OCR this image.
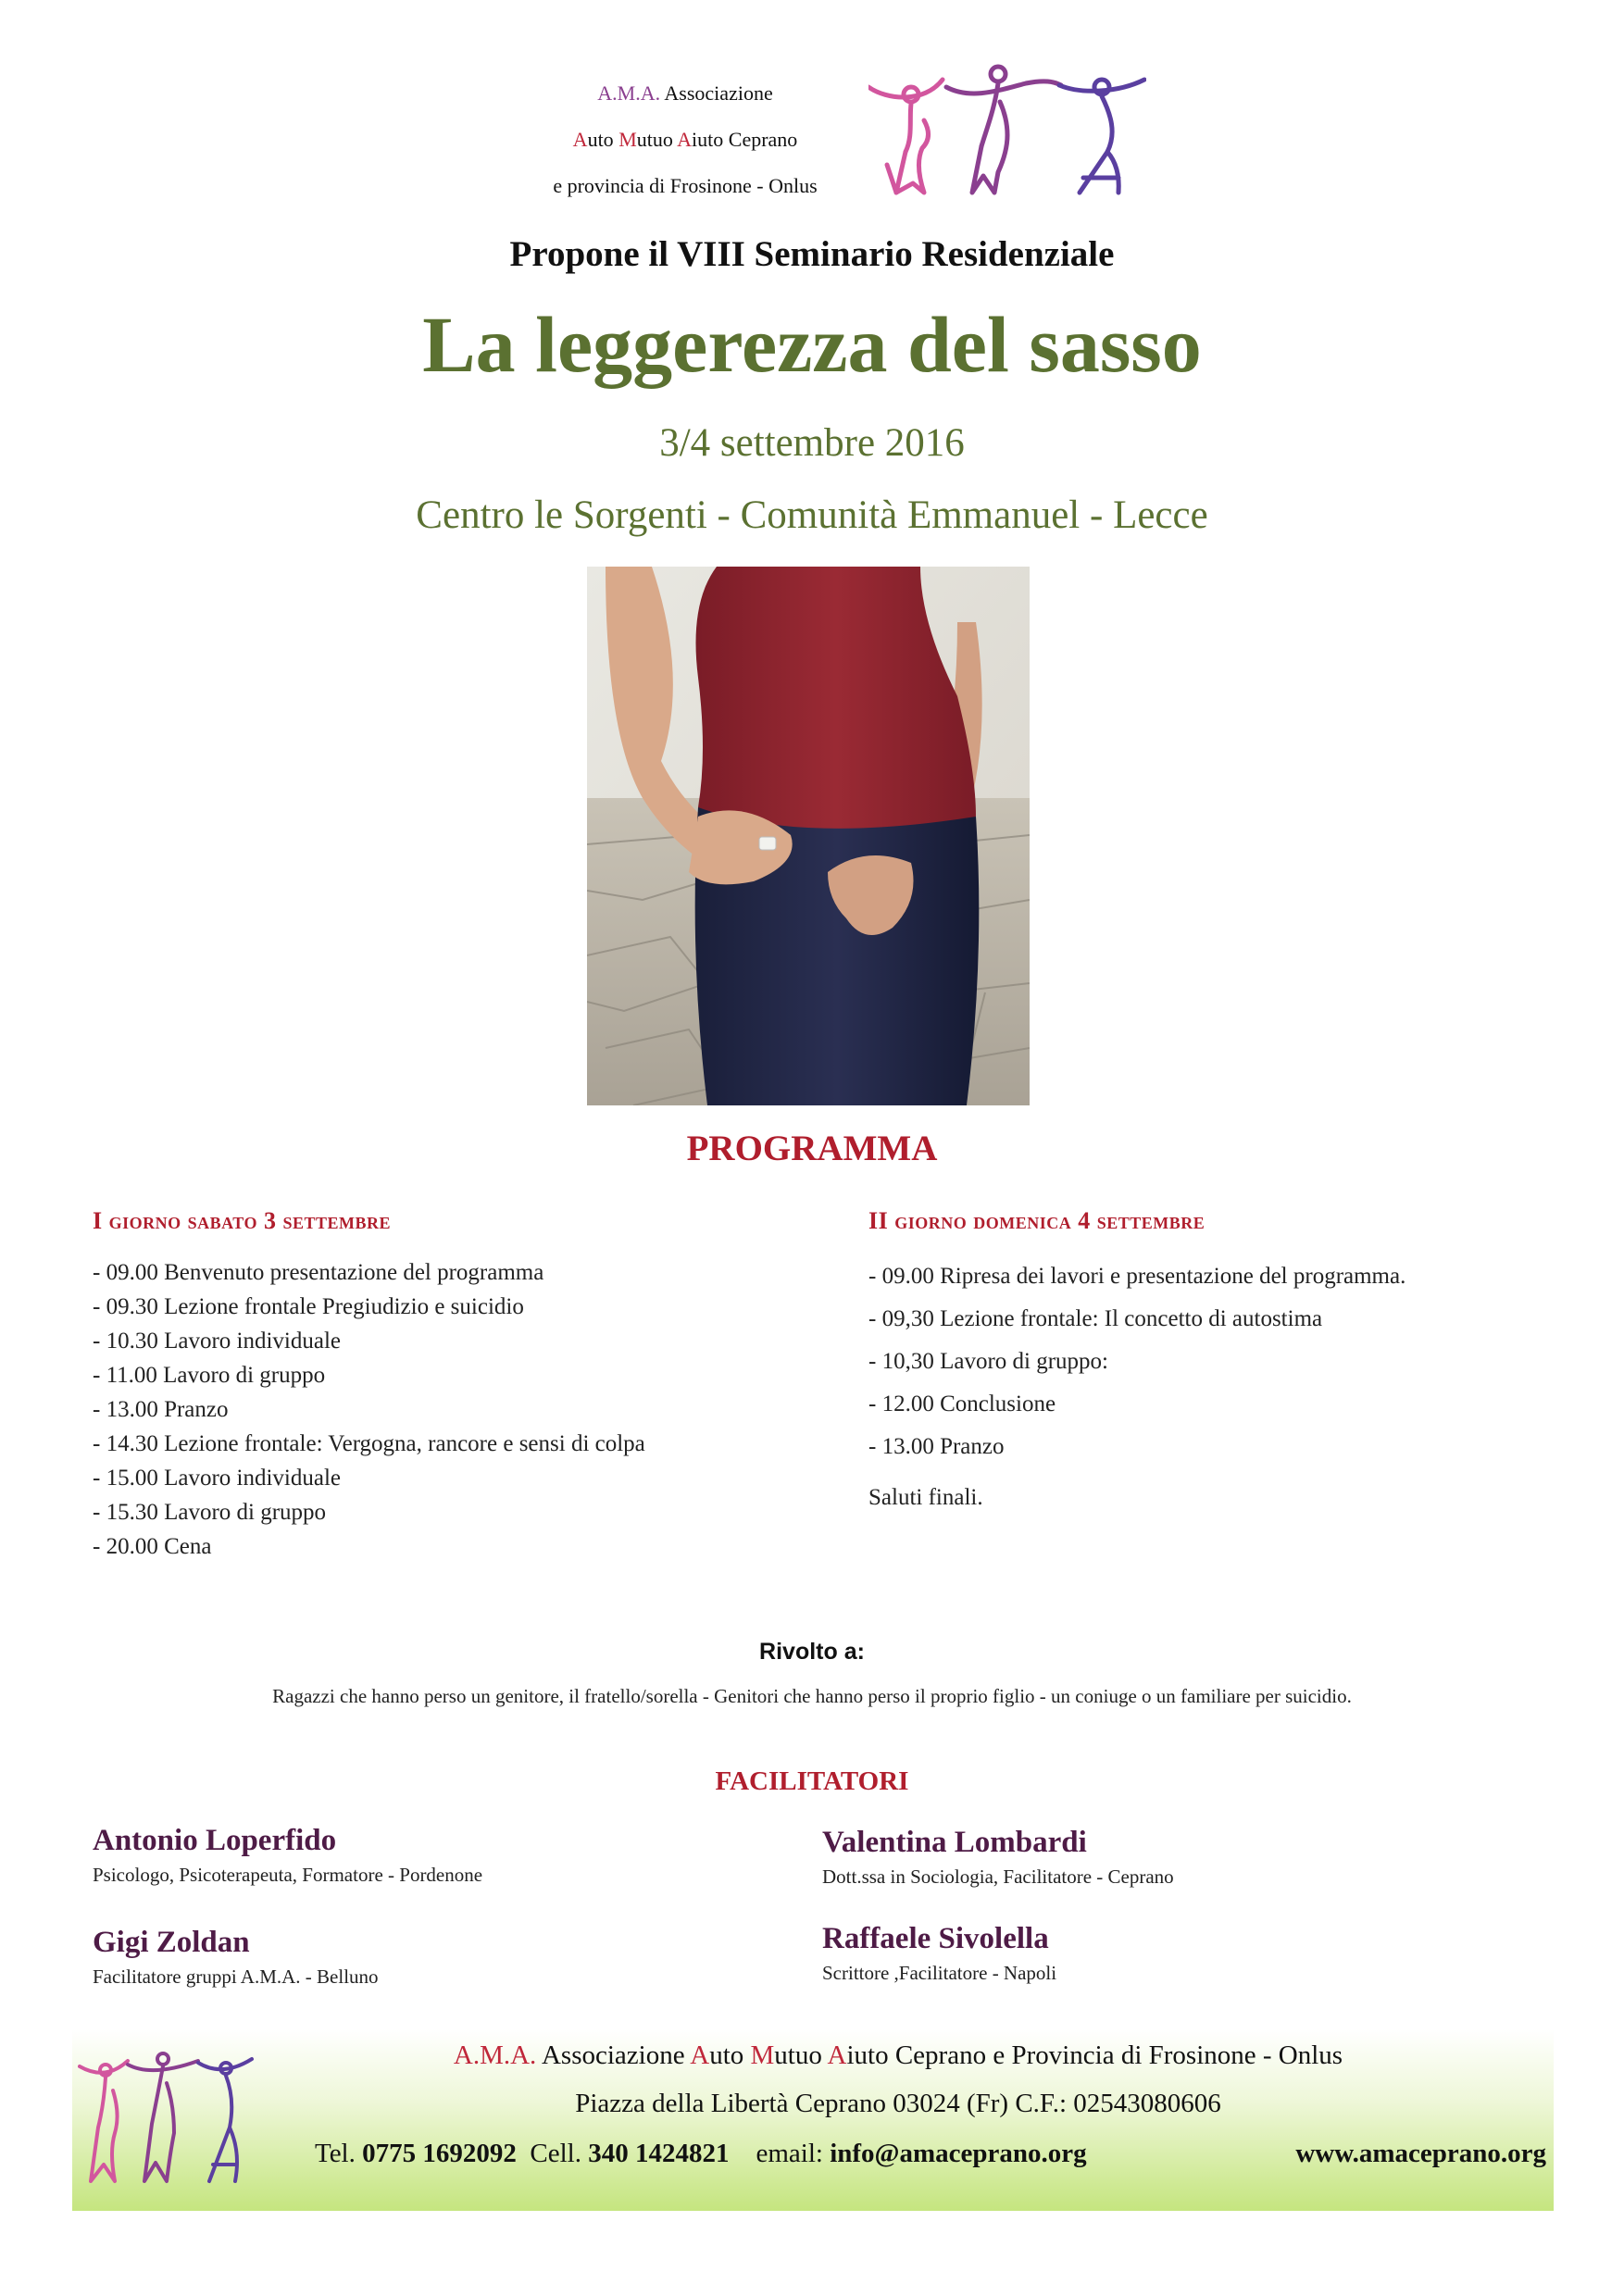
A.M.A. Associazione
Auto Mutuo Aiuto Ceprano
e provincia di Frosinone - Onlus
Propone il VIII Seminario Residenziale
La leggerezza del sasso
3/4 settembre 2016
Centro le Sorgenti - Comunità Emmanuel - Lecce
PROGRAMMA
I giorno sabato 3 settembre	II giorno domenica 4 settembre
- 09.00 Benvenuto presentazione del programma
- 09.30 Lezione frontale Pregiudizio e suicidio
- 10.30 Lavoro individuale
- 11.00 Lavoro di gruppo
- 13.00 Pranzo
- 14.30 Lezione frontale: Vergogna, rancore e sensi di colpa
- 15.00 Lavoro individuale
- 15.30 Lavoro di gruppo
- 20.00 Cena
- 09.00 Ripresa dei lavori e presentazione del programma.
- 09,30 Lezione frontale: Il concetto di autostima
- 10,30 Lavoro di gruppo:
- 12.00 Conclusione
- 13.00 Pranzo
Saluti finali.
Rivolto a:
Ragazzi che hanno perso un genitore, il fratello/sorella - Genitori che hanno perso il proprio figlio - un coniuge o un familiare per suicidio.
FACILITATORI
Antonio Loperfido
Psicologo, Psicoterapeuta, Formatore - Pordenone
Valentina Lombardi
Dott.ssa in Sociologia, Facilitatore - Ceprano
Gigi Zoldan
Facilitatore gruppi A.M.A. - Belluno
Raffaele Sivolella
Scrittore ,Facilitatore - Napoli
A.M.A. Associazione Auto Mutuo Aiuto Ceprano e Provincia di Frosinone - Onlus
Piazza della Libertà Ceprano 03024 (Fr) C.F.: 02543080606
Tel. 0775 1692092  Cell. 340 1424821    email: info@amaceprano.org	www.amaceprano.org
